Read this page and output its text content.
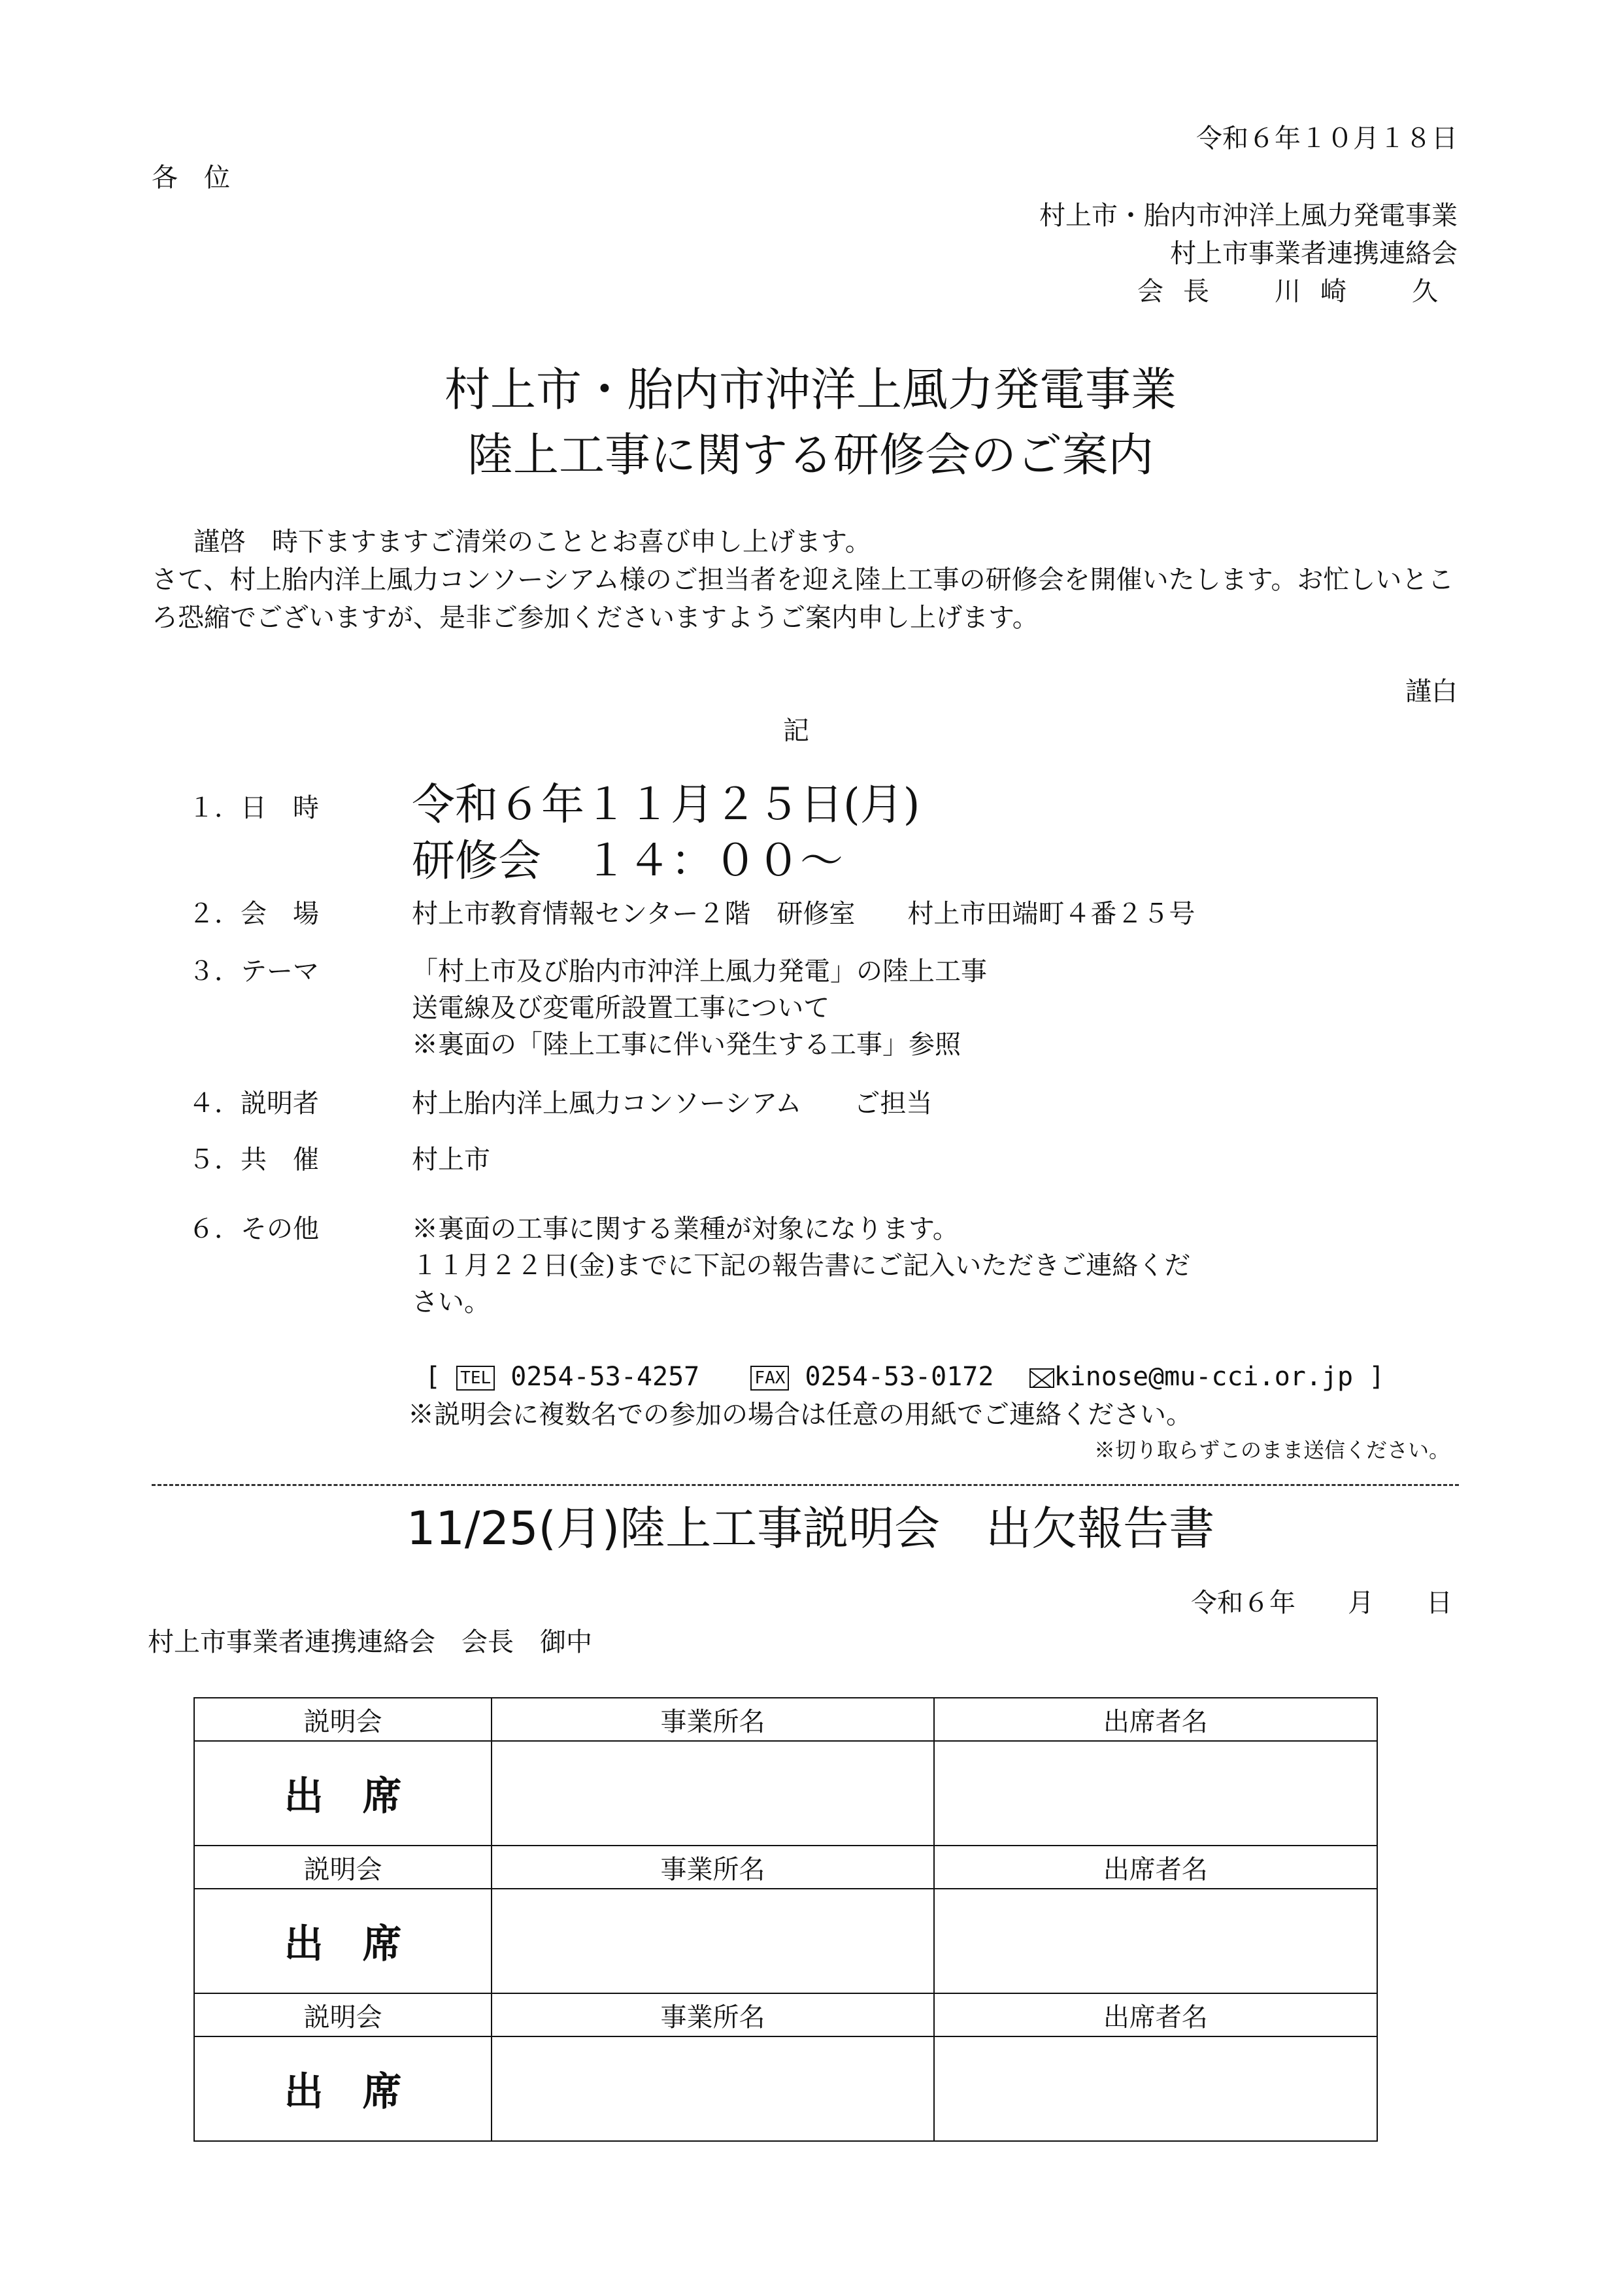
令和６年１０月１８日
各位
村上市・胎内市沖洋上風力発電事業
村上市事業者連携連絡会
会長　川崎　久
村上市・胎内市沖洋上風力発電事業
陸上工事に関する研修会のご案内

謹啓　時下ますますご清栄のこととお喜び申し上げます。

さて、村上胎内洋上風力コンソーシアム様のご担当者を迎え陸上工事の研修会を開催いたします。お忙しいところ恐縮でございますが、是非ご参加くださいますようご案内申し上げます。

謹白
記
１．日　時 令和６年１１月２５日(月)
研修会　１４：００～
２．会　場	村上市教育情報センター２階　研修室　　村上市田端町４番２５号
３．テーマ	「村上市及び胎内市沖洋上風力発電」の陸上工事
送電線及び変電所設置工事について
※裏面の「陸上工事に伴い発生する工事」参照
４．説明者	村上胎内洋上風力コンソーシアム　　ご担当
５．共　催	村上市
６．その他	※裏面の工事に関する業種が対象になります。
１１月２２日(金)までに下記の報告書にご記入いただきご連絡くだ
さい。
[ TEL 0254-53-4257	FAX 0254-53-0172 kinose@mu-cci.or.jp ]
※説明会に複数名での参加の場合は任意の用紙でご連絡ください。
※切り取らずこのまま送信ください。
11/25(月)陸上工事説明会　出欠報告書
令和６年　　月　　日
村上市事業者連携連絡会　会長　御中
説明会	事業所名	出席者名
出席		
説明会	事業所名	出席者名
出席		
説明会	事業所名	出席者名
出席		
